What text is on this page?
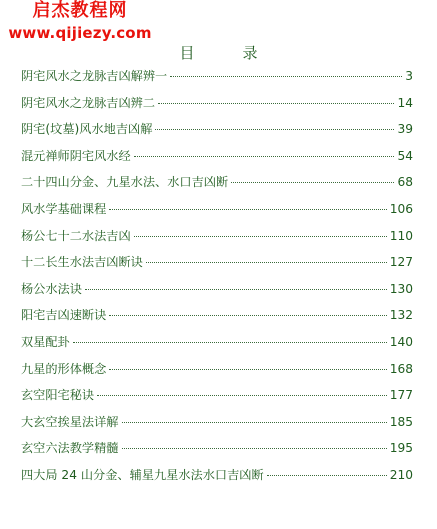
启杰教程网
www.qijiezy.com
目录
阴宅风水之龙脉吉凶解辨一	3
阴宅风水之龙脉吉凶辨二	14
阴宅(坟墓)风水地吉凶解	39
混元禅师阴宅风水经	54
二十四山分金、九星水法、水口吉凶断	68
风水学基础课程	106
杨公七十二水法吉凶	110
十二长生水法吉凶断诀	127
杨公水法诀	130
阳宅吉凶速断诀	132
双星配卦	140
九星的形体概念	168
玄空阳宅秘诀	177
大玄空挨星法详解	185
玄空六法教学精髓	195
四大局 24 山分金、辅星九星水法水口吉凶断	210
